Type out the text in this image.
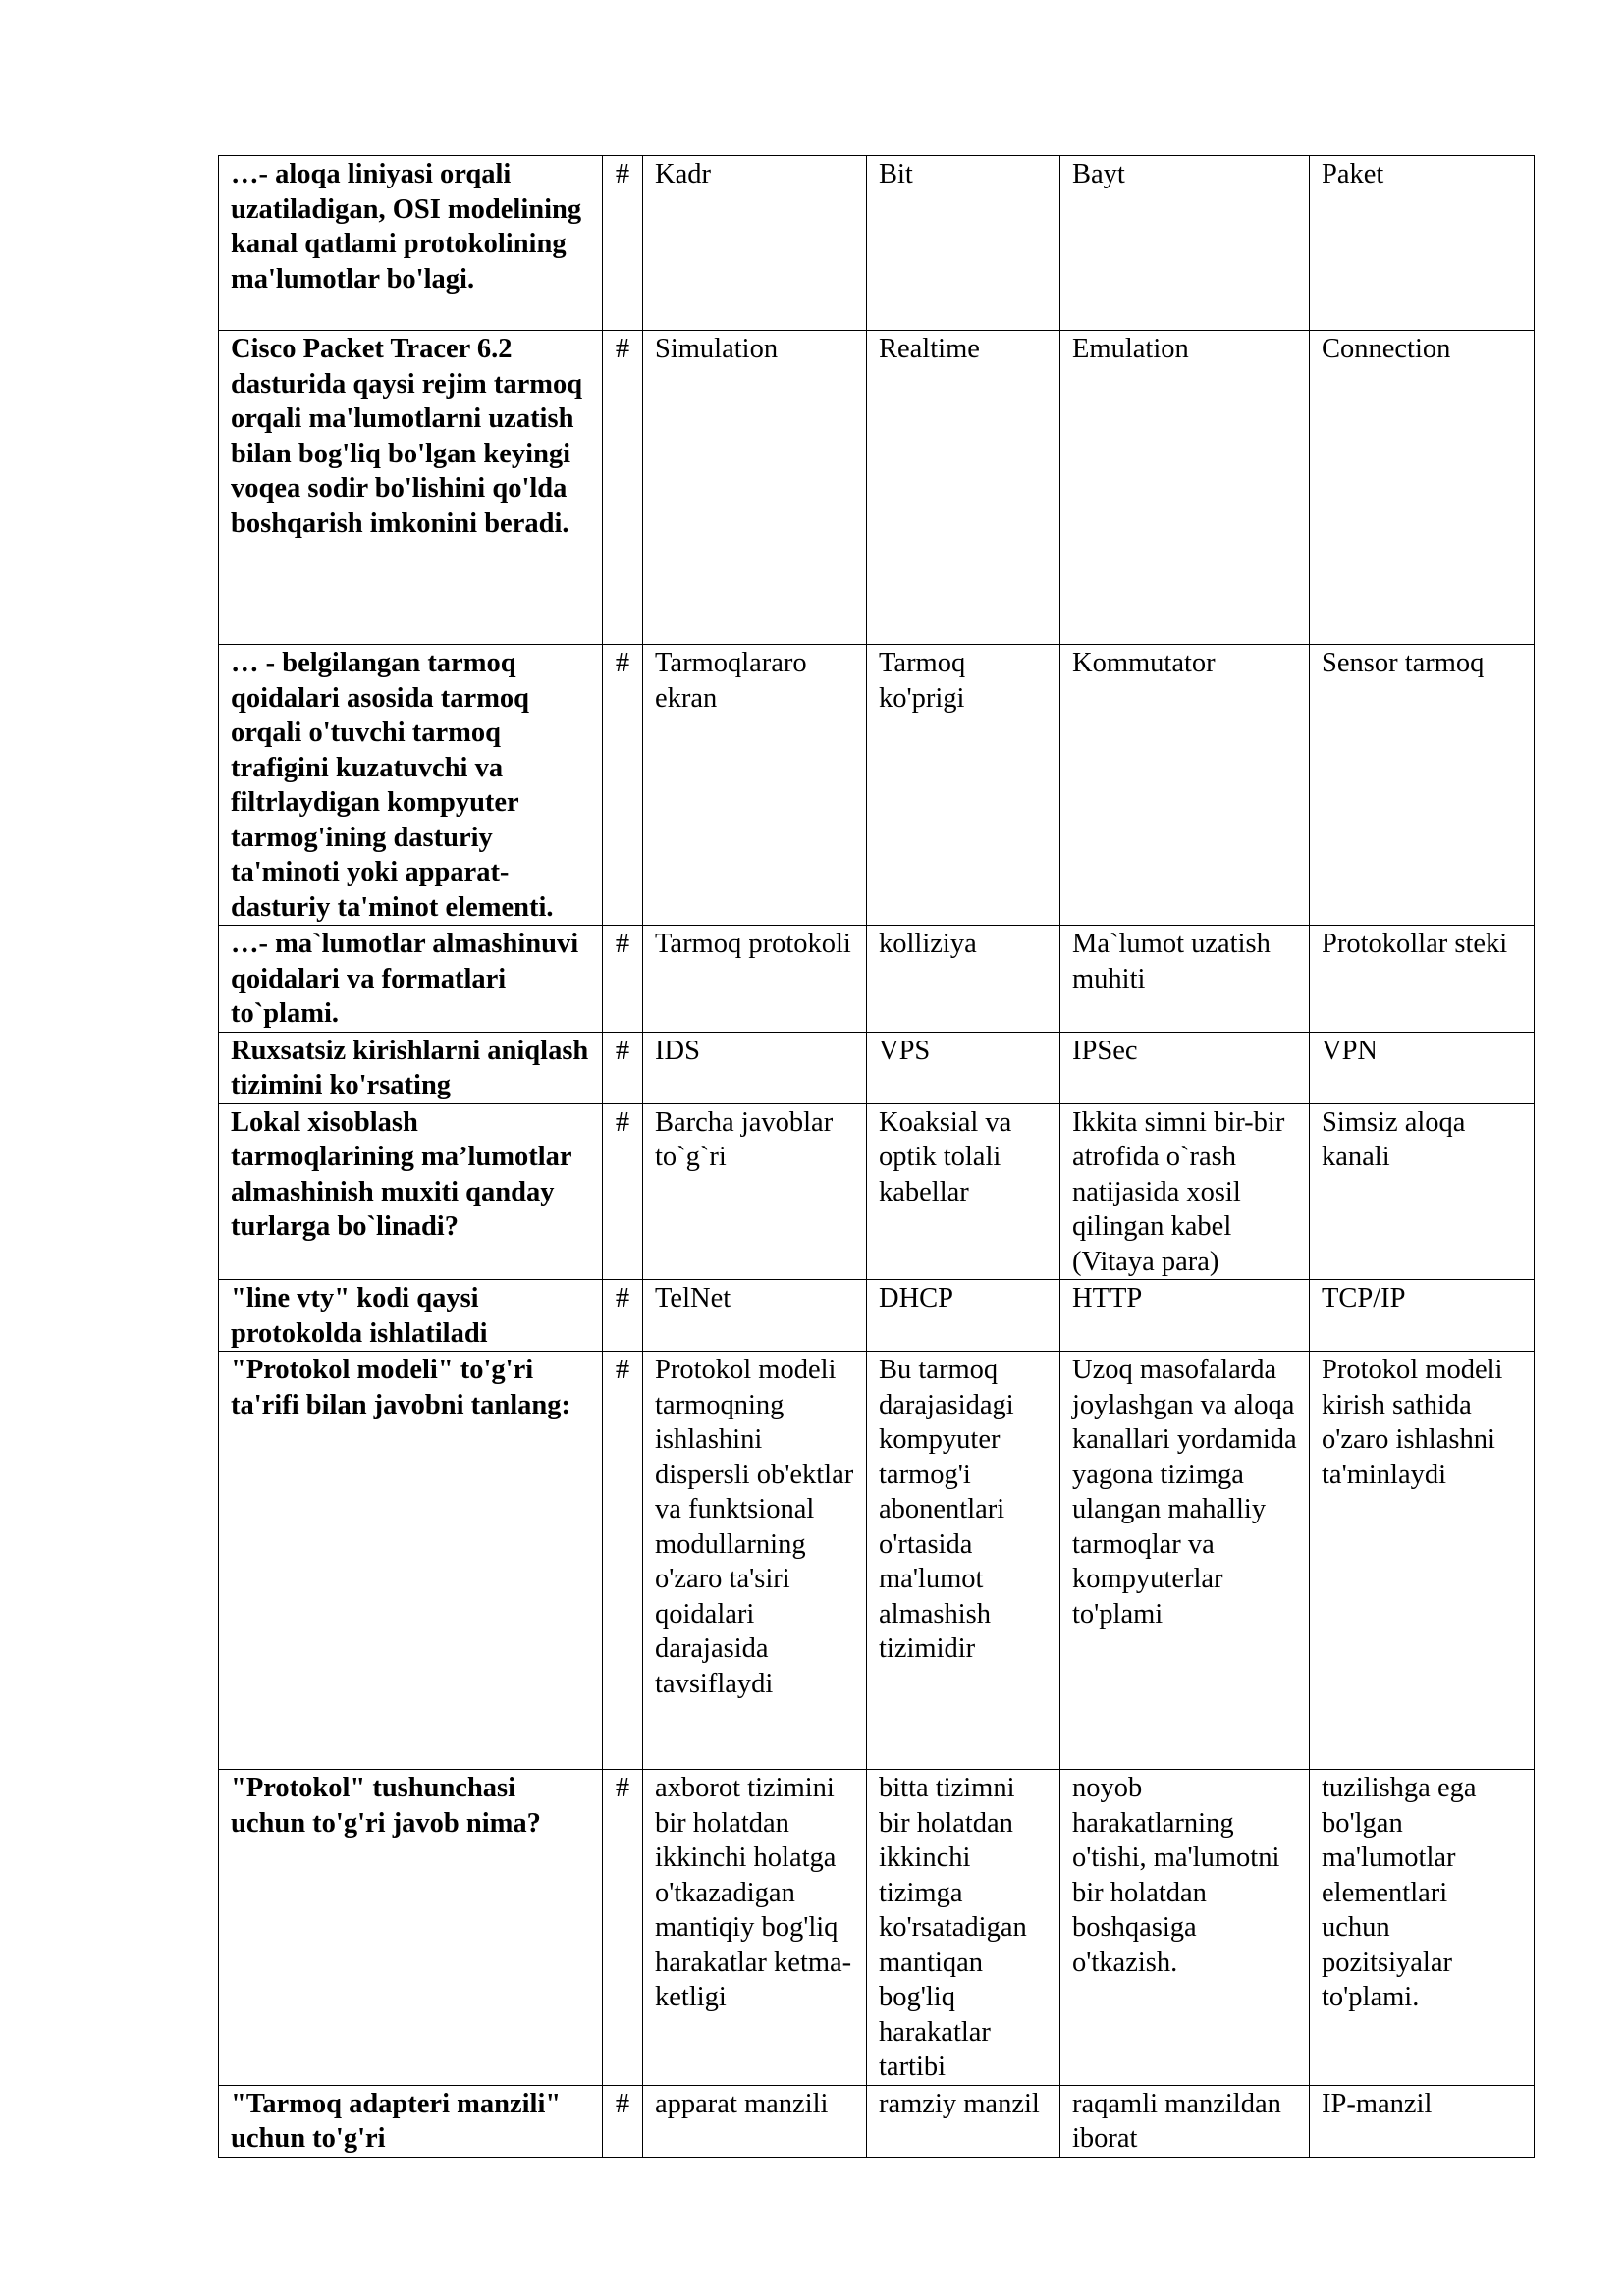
…- aloqa liniyasi orqali uzatiladigan, OSI modelining kanal qatlami protokolining ma'lumotlar bo'lagi.	#	Kadr	Bit	Bayt	Paket
Cisco Packet Tracer 6.2 dasturida qaysi rejim tarmoq orqali ma'lumotlarni uzatish bilan bog'liq bo'lgan keyingi voqea sodir bo'lishini qo'lda boshqarish imkonini beradi.	#	Simulation	Realtime	Emulation	Connection
… - belgilangan tarmoq qoidalari asosida tarmoq orqali o'tuvchi tarmoq trafigini kuzatuvchi va filtrlaydigan kompyuter tarmog'ining dasturiy ta'minoti yoki apparat-dasturiy ta'minot elementi.	#	Tarmoqlararo ekran	Tarmoq ko'prigi	Kommutator	Sensor tarmoq
…- ma`lumotlar almashinuvi qoidalari va formatlari to`plami.	#	Tarmoq protokoli	kolliziya	Ma`lumot uzatish muhiti	Protokollar steki
Ruxsatsiz kirishlarni aniqlash tizimini ko'rsating	#	IDS	VPS	IPSec	VPN
Lokal xisoblash tarmoqlarining ma’lumotlar almashinish muxiti qanday turlarga bo`linadi?	#	Barcha javoblar to`g`ri	Koaksial va optik tolali kabellar	Ikkita simni bir-bir atrofida o`rash natijasida xosil qilingan kabel (Vitaya para)	Simsiz aloqa kanali
"line vty" kodi qaysi protokolda ishlatiladi	#	TelNet	DHCP	HTTP	TCP/IP
"Protokol modeli" to'g'ri ta'rifi bilan javobni tanlang:	#	Protokol modeli tarmoqning ishlashini dispersli ob'ektlar va funktsional modullarning o'zaro ta'siri qoidalari darajasida tavsiflaydi	Bu tarmoq darajasidagi kompyuter tarmog'i abonentlari o'rtasida ma'lumot almashish tizimidir	Uzoq masofalarda joylashgan va aloqa kanallari yordamida yagona tizimga ulangan mahalliy tarmoqlar va kompyuterlar to'plami	Protokol modeli kirish sathida o'zaro ishlashni ta'minlaydi
"Protokol" tushunchasi uchun to'g'ri javob nima?	#	axborot tizimini bir holatdan ikkinchi holatga o'tkazadigan mantiqiy bog'liq harakatlar ketma-ketligi	bitta tizimni bir holatdan ikkinchi tizimga ko'rsatadigan mantiqan bog'liq harakatlar tartibi	noyob harakatlarning o'tishi, ma'lumotni bir holatdan boshqasiga o'tkazish.	tuzilishga ega bo'lgan ma'lumotlar elementlari uchun pozitsiyalar to'plami.
"Tarmoq adapteri manzili" uchun to'g'ri	#	apparat manzili	ramziy manzil	raqamli manzildan iborat	IP-manzil
